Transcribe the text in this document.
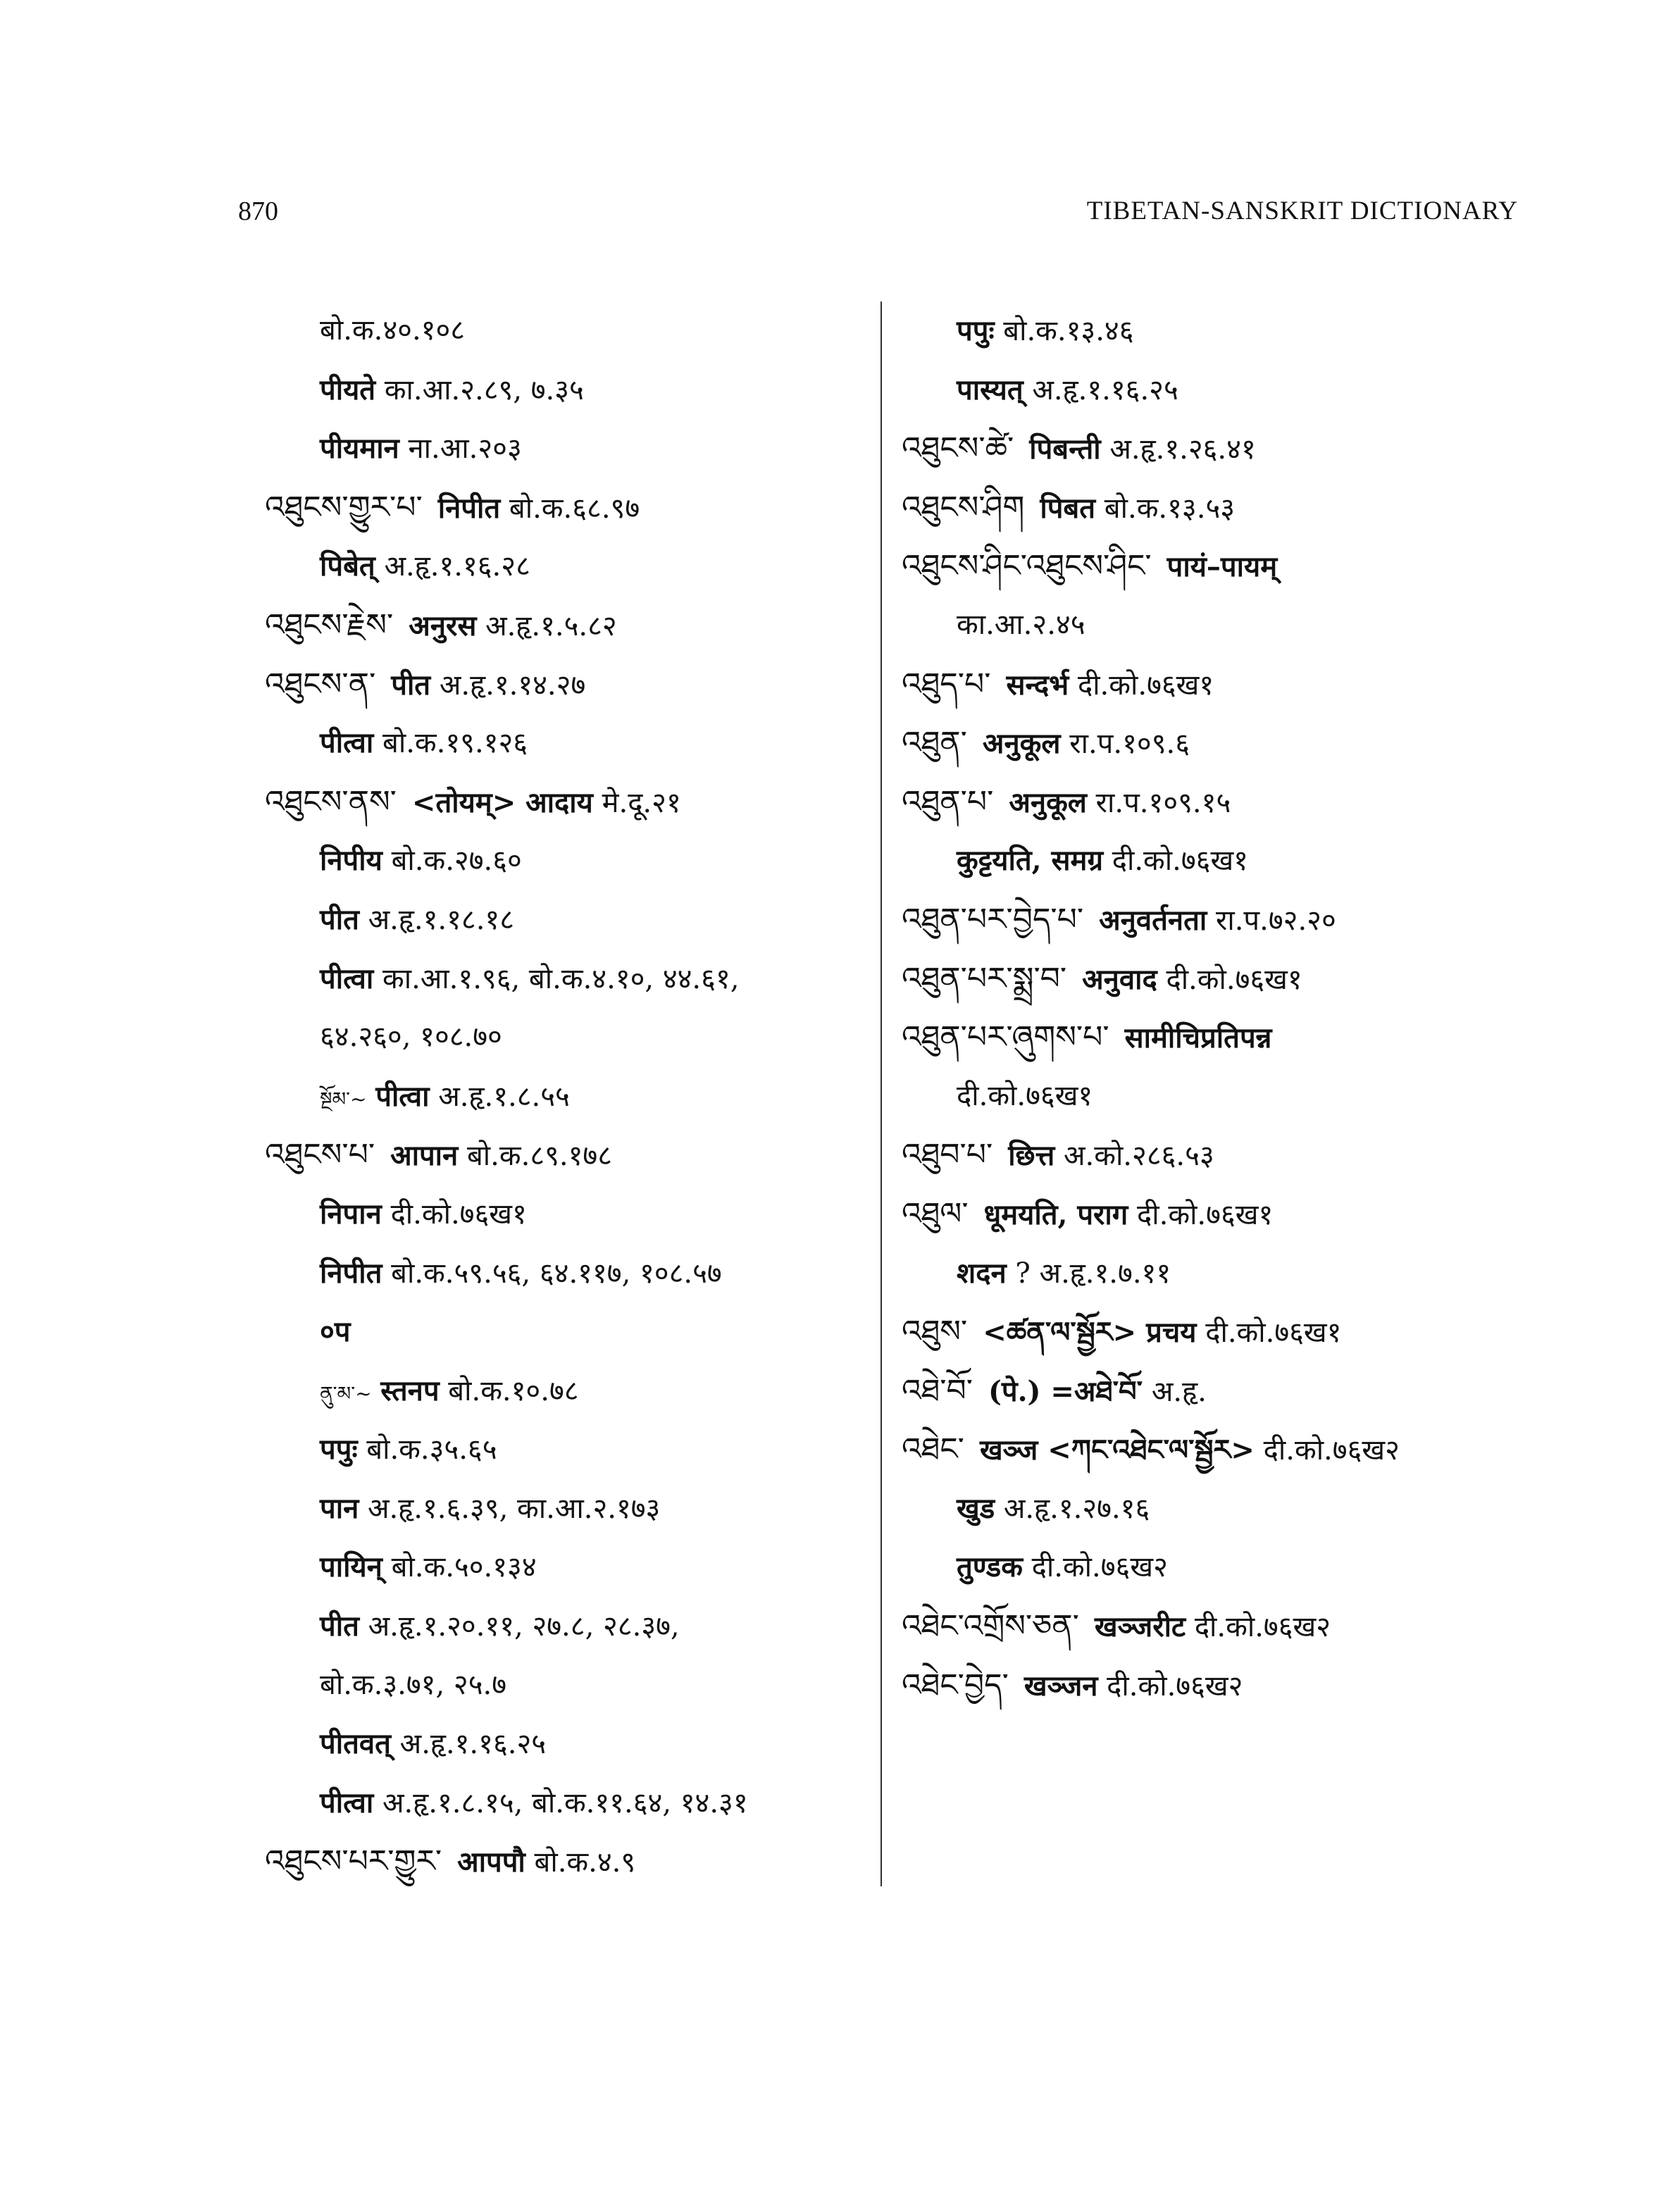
870	TIBETAN-SANSKRIT DICTIONARY
बो.क.४०.१०८
पीयते का.आ.२.८९, ७.३५
पीयमान ना.आ.२०३
འཐུངས་གྱུར་པ་ निपीत बो.क.६८.९७
पिबेत् अ.हृ.१.१६.२८
འཐུངས་རྗེས་ अनुरस अ.हृ.१.५.८२
འཐུངས་ན་ पीत अ.हृ.१.१४.२७
पीत्वा बो.क.१९.१२६
འཐུངས་ནས་ <तोयम्> आदाय मे.दू.२१
निपीय बो.क.२७.६०
पीत अ.हृ.१.१८.१८
पीत्वा का.आ.१.९६, बो.क.४.१०, ४४.६१,
६४.२६०, १०८.७०
སྔོམ་~ पीत्वा अ.हृ.१.८.५५
འཐུངས་པ་ आपान बो.क.८९.१७८
निपान दी.को.७६ख१
निपीत बो.क.५९.५६, ६४.११७, १०८.५७
०प
ནུ་མ་~ स्तनप बो.क.१०.७८
पपुः बो.क.३५.६५
पान अ.हृ.१.६.३९, का.आ.२.१७३
पायिन् बो.क.५०.१३४
पीत अ.हृ.१.२०.११, २७.८, २८.३७,
बो.क.३.७१, २५.७
पीतवत् अ.हृ.१.१६.२५
पीत्वा अ.हृ.१.८.१५, बो.क.११.६४, १४.३१
འཐུངས་པར་གྱུར་ आपपौ बो.क.४.९
पपुः बो.क.१३.४६
पास्यत् अ.हृ.१.१६.२५
འཐུངས་ཚེ་ पिबन्ती अ.हृ.१.२६.४१
འཐུངས་ཤིག पिबत बो.क.१३.५३
འཐུངས་ཤིང་འཐུངས་ཤིང་ पायं–पायम्
का.आ.२.४५
འཐུད་པ་ सन्दर्भ दी.को.७६ख१
འཐུན་ अनुकूल रा.प.१०९.६
འཐུན་པ་ अनुकूल रा.प.१०९.१५
कुट्टयति, समग्र दी.को.७६ख१
འཐུན་པར་བྱེད་པ་ अनुवर्तनता रा.प.७२.२०
འཐུན་པར་སྨྲ་བ་ अनुवाद दी.को.७६ख१
འཐུན་པར་ཞུགས་པ་ सामीचिप्रतिपन्न
दी.को.७६ख१
འཐུབ་པ་ छित्त अ.को.२८६.५३
འཐུལ་ धूमयति, पराग दी.को.७६ख१
शदन ? अ.हृ.१.७.११
འཐུས་ <ཚན་ལ་སྦྱོར> प्रचय दी.को.७६ख१
འཐེ་བོ་ (पे.) =अཐེ་བོ་ अ.हृ.
འཐེང་ खञ्ज <ཀང་འཐེང་ལ་སྦྱོར> दी.को.७६ख२
खुड अ.हृ.१.२७.१६
तुण्डक दी.को.७६ख२
འཐེང་འགྲོས་ཅན་ खञ्जरीट दी.को.७६ख२
འཐེང་བྱེད་ खञ्जन दी.को.७६ख२
